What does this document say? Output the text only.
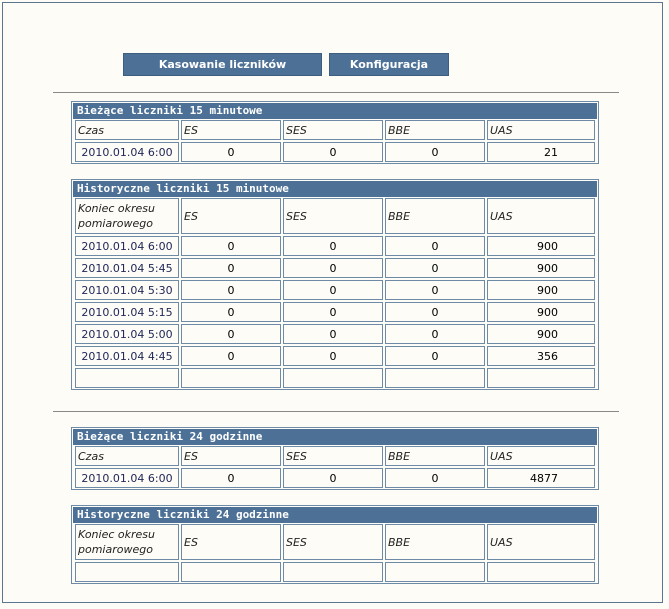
Kasowanie liczników	Konfiguracja
Bieżące liczniki 15 minutowe
Czas	ES	SES	BBE	UAS
2010.01.04 6:00	0	0	0	21
Historyczne liczniki 15 minutowe
Koniec okresu pomiarowego	ES	SES	BBE	UAS
2010.01.04 6:00	0	0	0	900
2010.01.04 5:45	0	0	0	900
2010.01.04 5:30	0	0	0	900
2010.01.04 5:15	0	0	0	900
2010.01.04 5:00	0	0	0	900
2010.01.04 4:45	0	0	0	356

Bieżące liczniki 24 godzinne
Czas	ES	SES	BBE	UAS
2010.01.04 6:00	0	0	0	4877
Historyczne liczniki 24 godzinne
Koniec okresu pomiarowego	ES	SES	BBE	UAS
